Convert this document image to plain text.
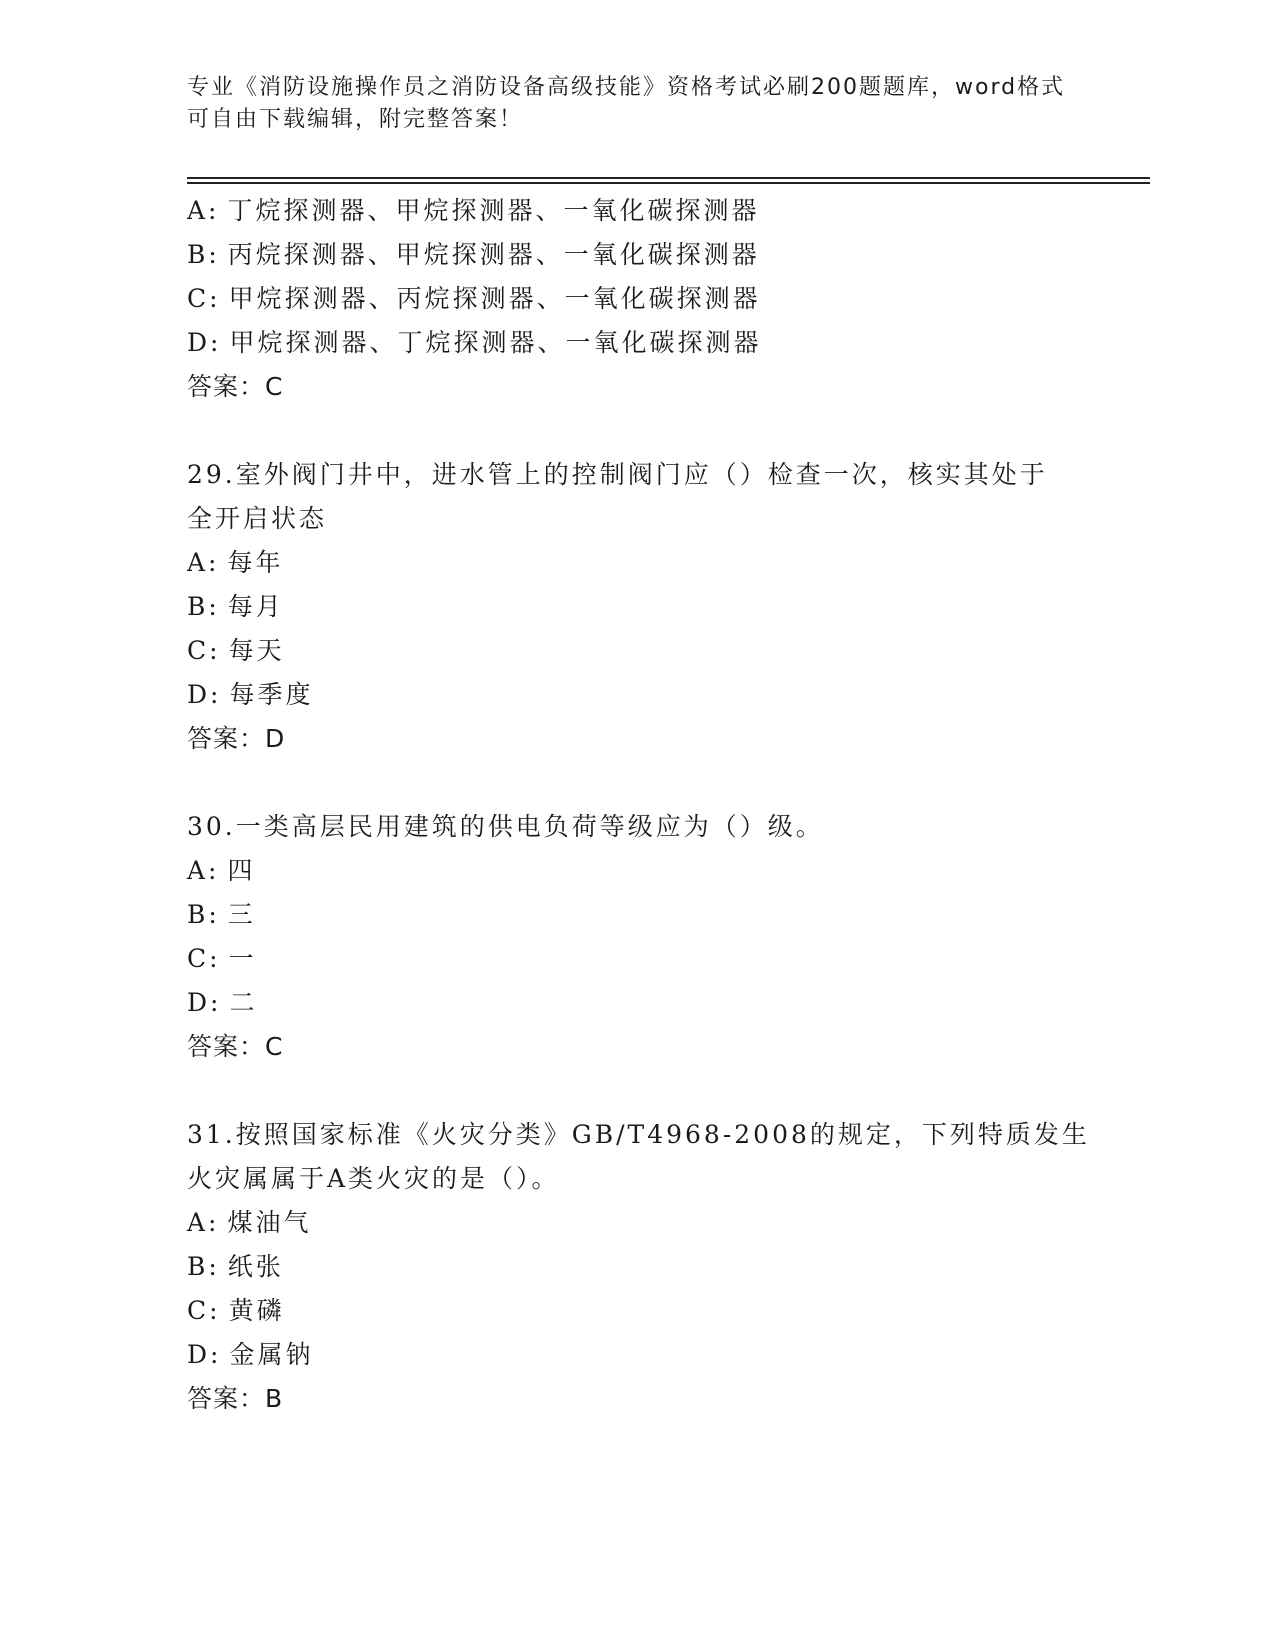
专业《消防设施操作员之消防设备高级技能》资格考试必刷200题题库，word格式可自由下载编辑，附完整答案！
A: 丁烷探测器、甲烷探测器、一氧化碳探测器
B: 丙烷探测器、甲烷探测器、一氧化碳探测器
C: 甲烷探测器、丙烷探测器、一氧化碳探测器
D: 甲烷探测器、丁烷探测器、一氧化碳探测器
答案：C
29.室外阀门井中，进水管上的控制阀门应（）检查一次，核实其处于
全开启状态
A: 每年
B: 每月
C: 每天
D: 每季度
答案：D
30.一类高层民用建筑的供电负荷等级应为（）级。
A: 四
B: 三
C: 一
D: 二
答案：C
31.按照国家标准《火灾分类》GB/T4968-2008的规定，下列特质发生
火灾属属于A类火灾的是（）。
A: 煤油气
B: 纸张
C: 黄磷
D: 金属钠
答案：B
